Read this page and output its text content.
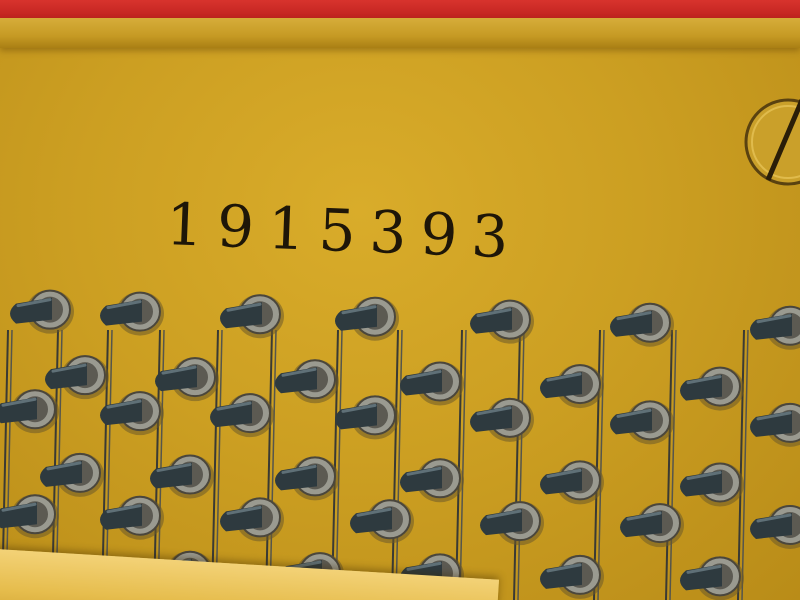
1915393
